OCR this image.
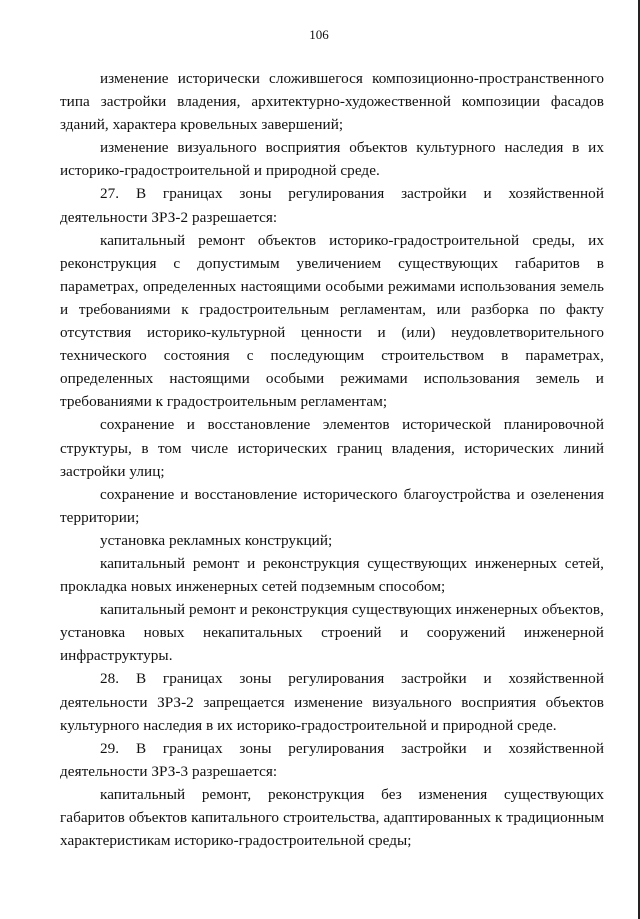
106

изменение исторически сложившегося композиционно-пространственного типа застройки владения, архитектурно-художественной композиции фасадов зданий, характера кровельных завершений;

изменение визуального восприятия объектов культурного наследия в их историко-градостроительной и природной среде.

27. В границах зоны регулирования застройки и хозяйственной деятельности ЗРЗ-2 разрешается:

капитальный ремонт объектов историко-градостроительной среды, их реконструкция с допустимым увеличением существующих габаритов в параметрах, определенных настоящими особыми режимами использования земель и требованиями к градостроительным регламентам, или разборка по факту отсутствия историко-культурной ценности и (или) неудовлетворительного технического состояния с последующим строительством в параметрах, определенных настоящими особыми режимами использования земель и требованиями к градостроительным регламентам;

сохранение и восстановление элементов исторической планировочной структуры, в том числе исторических границ владения, исторических линий застройки улиц;

сохранение и восстановление исторического благоустройства и озеленения территории;

установка рекламных конструкций;

капитальный ремонт и реконструкция существующих инженерных сетей, прокладка новых инженерных сетей подземным способом;

капитальный ремонт и реконструкция существующих инженерных объектов, установка новых некапитальных строений и сооружений инженерной инфраструктуры.

28. В границах зоны регулирования застройки и хозяйственной деятельности ЗРЗ-2 запрещается изменение визуального восприятия объектов культурного наследия в их историко-градостроительной и природной среде.

29. В границах зоны регулирования застройки и хозяйственной деятельности ЗРЗ-3 разрешается:

капитальный ремонт, реконструкция без изменения существующих габаритов объектов капитального строительства, адаптированных к традиционным характеристикам историко-градостроительной среды;
